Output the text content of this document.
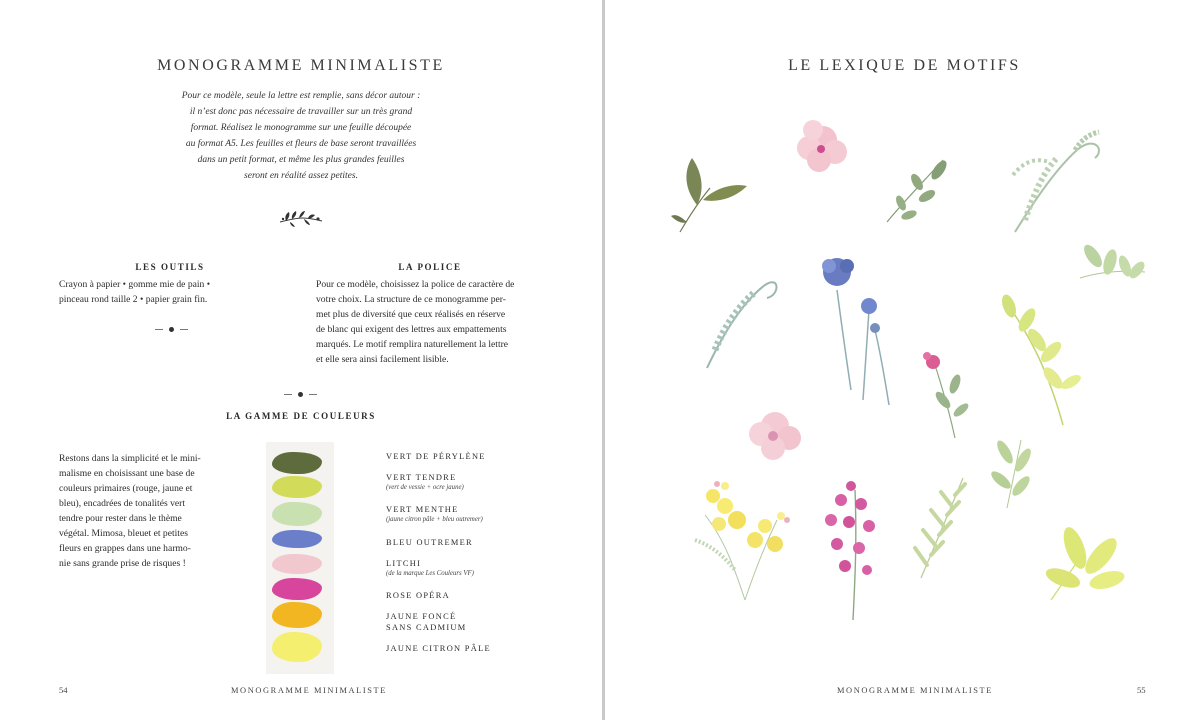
MONOGRAMME MINIMALISTE
Pour ce modèle, seule la lettre est remplie, sans décor autour :
il n’est donc pas nécessaire de travailler sur un très grand
format. Réalisez le monogramme sur une feuille découpée
au format A5. Les feuilles et fleurs de base seront travaillées
dans un petit format, et même les plus grandes feuilles
seront en réalité assez petites.
LES OUTILS
Crayon à papier • gomme mie de pain •
pinceau rond taille 2 • papier grain fin.
LA POLICE
Pour ce modèle, choisissez la police de caractère de
votre choix. La structure de ce monogramme per-
met plus de diversité que ceux réalisés en réserve
de blanc qui exigent des lettres aux empattements
marqués. Le motif remplira naturellement la lettre
et elle sera ainsi facilement lisible.
LA GAMME DE COULEURS
Restons dans la simplicité et le mini-
malisme en choisissant une base de
couleurs primaires (rouge, jaune et
bleu), encadrées de tonalités vert
tendre pour rester dans le thème
végétal. Mimosa, bleuet et petites
fleurs en grappes dans une harmo-
nie sans grande prise de risques !
VERT DE PÉRYLÈNE
VERT TENDRE
(vert de vessie + ocre jaune)
VERT MENTHE
(jaune citron pâle + bleu outremer)
BLEU OUTREMER
LITCHI
(de la marque Les Couleurs VF)
ROSE OPÉRA
JAUNE FONCÉ
SANS CADMIUM
JAUNE CITRON PÂLE
54	MONOGRAMME MINIMALISTE
LE LEXIQUE DE MOTIFS
MONOGRAMME MINIMALISTE	55
